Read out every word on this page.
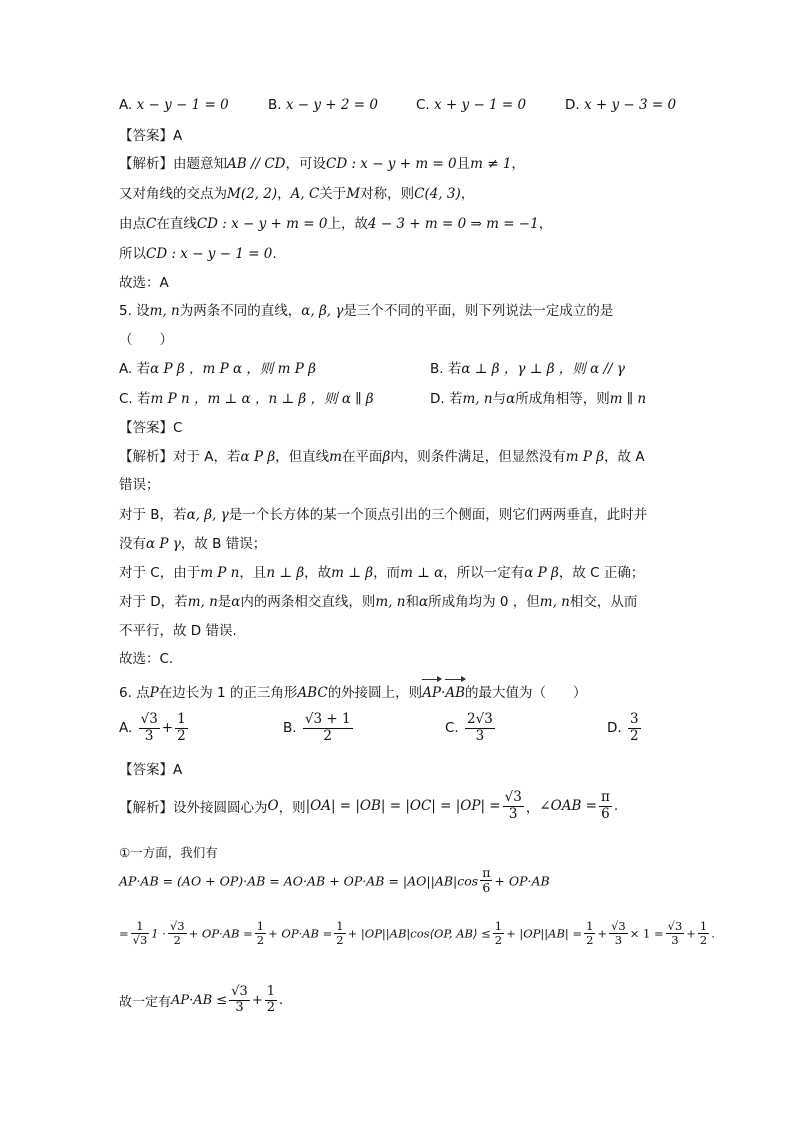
A. x − y − 1 = 0	B. x − y + 2 = 0	C. x + y − 1 = 0	D. x + y − 3 = 0
【答案】A
【解析】由题意知AB // CD，可设CD : x − y + m = 0且m ≠ 1，
又对角线的交点为M(2, 2)，A, C关于M对称，则C(4, 3)，
由点C在直线CD : x − y + m = 0上，故4 − 3 + m = 0 ⇒ m = −1，
所以CD : x − y − 1 = 0.
故选：A
5. 设m, n为两条不同的直线，α, β, γ是三个不同的平面，则下列说法一定成立的是
（　　）
A. 若α P β ，m P α ，则 m P β	B. 若α ⊥ β ，γ ⊥ β ，则 α // γ
C. 若m P n ，m ⊥ α ，n ⊥ β ，则 α ∥ β	D. 若m, n与α所成角相等，则m ∥ n
【答案】C
【解析】对于 A，若α P β，但直线m在平面β内，则条件满足，但显然没有m P β，故 A
错误；
对于 B，若α, β, γ是一个长方体的某一个顶点引出的三个侧面，则它们两两垂直，此时并
没有α P γ，故 B 错误；
对于 C，由于m P n，且n ⊥ β，故m ⊥ β，而m ⊥ α，所以一定有α P β，故 C 正确；
对于 D，若m, n是α内的两条相交直线，则m, n和α所成角均为 0 ，但m, n相交，从而
不平行，故 D 错误.
故选：C.
6. 点P在边长为 1 的正三角形ABC的外接圆上，则AP·AB的最大值为（　　）
A. $\frac{√3}{3} + \frac{1}{2}$	B. $\frac{√3 + 1}{2}$	C. $\frac{2√3}{3}$	D. $\frac{3}{2}$
【答案】A
【解析】设外接圆圆心为O，则$|OA| = |OB| = |OC| = |OP| = \frac{√3}{3}$ ，∠OAB = $\frac{\pi}{6}$ .
①一方面，我们有
$AP\cdot AB = (AO + OP)\cdot AB = AO\cdot AB + OP\cdot AB = |AO||AB|\cos \frac{\pi}{6} + OP\cdot AB$
= $\frac{1}{√3} 1 \cdot \frac{√3}{2} + OP\cdot AB = \frac{1}{2} + OP\cdot AB = \frac{1}{2}$ + |OP||AB|cos⟨OP, AB⟩ ≤ $\frac{1}{2} + |OP||AB| = \frac{1}{2} + \frac{√3}{3} \times 1 = \frac{√3}{3} + \frac{1}{2}$ .
故一定有$AP\cdot AB \le \frac{√3}{3} + \frac{1}{2}$ .
